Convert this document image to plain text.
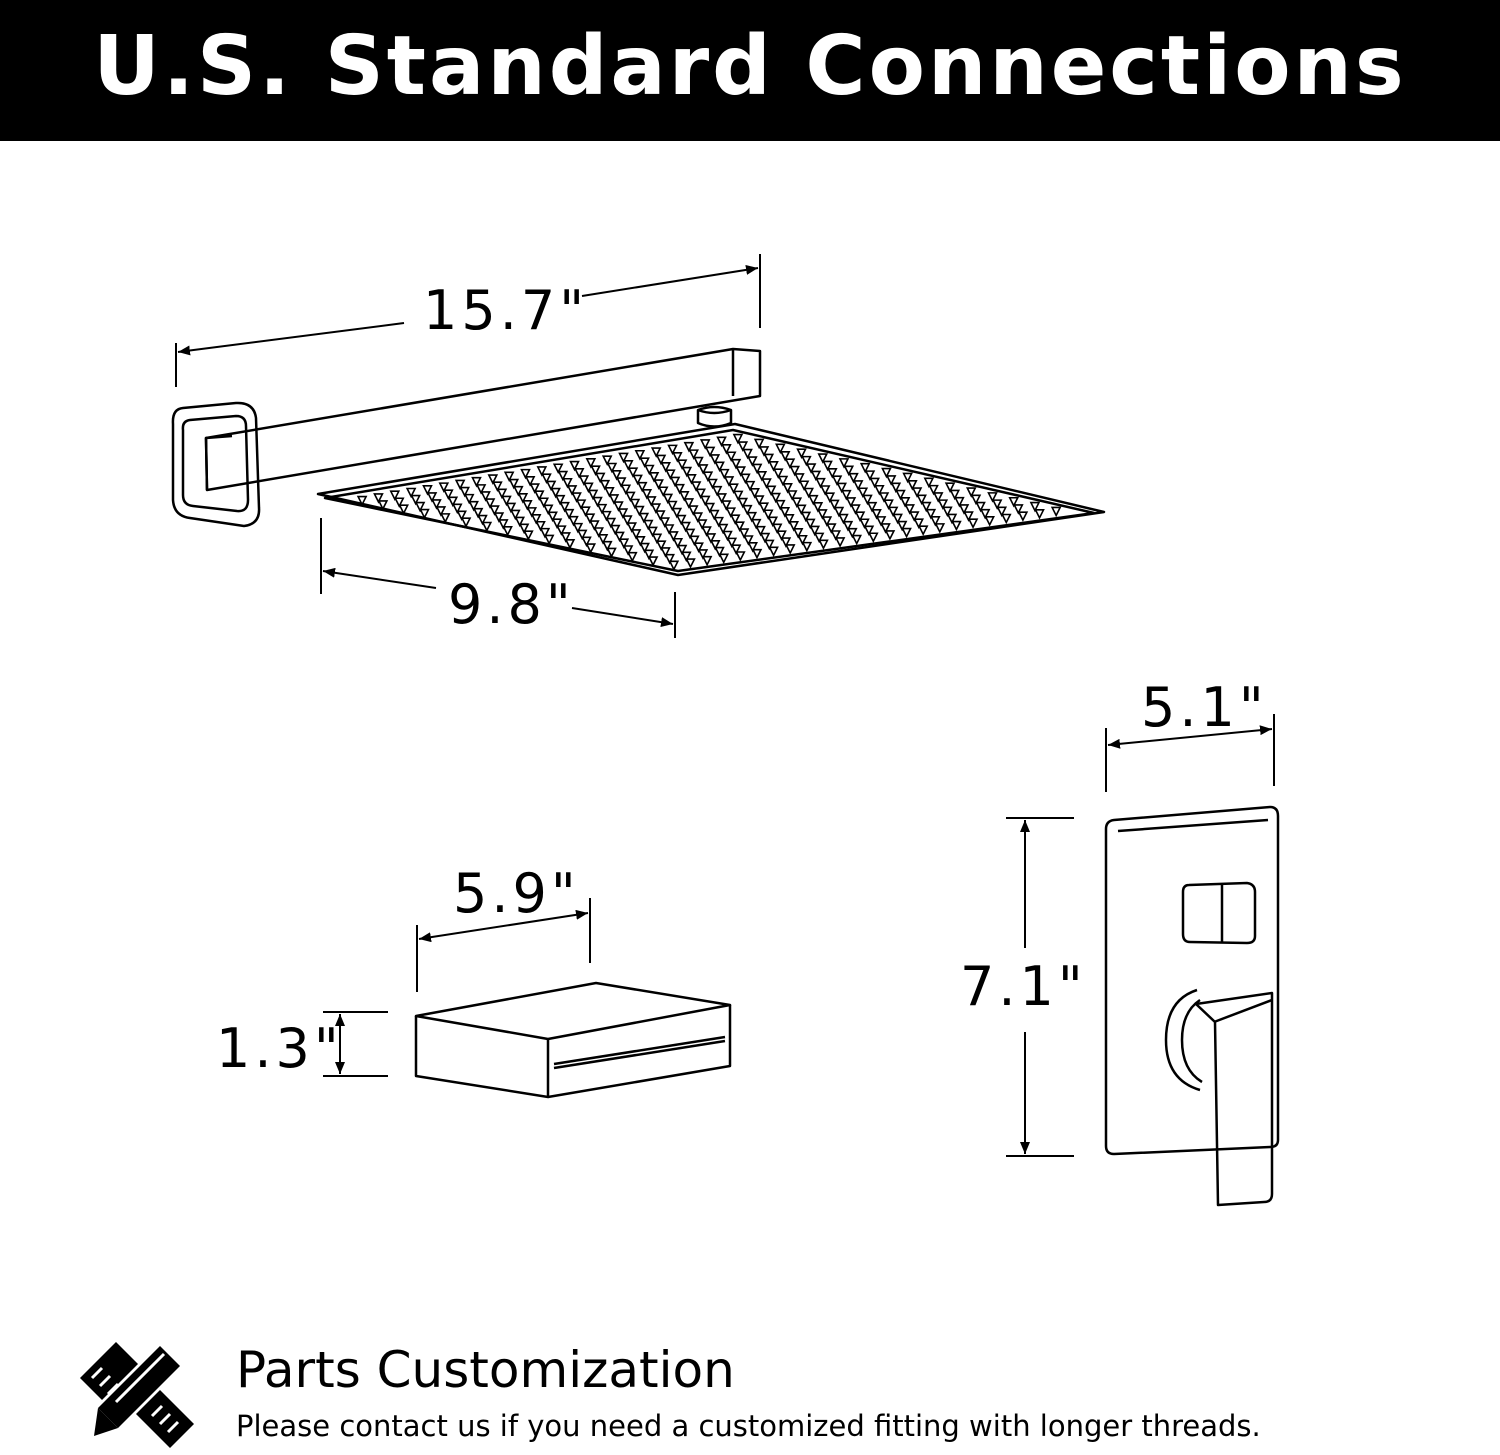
U.S. Standard Connections
15.7"
9.8"
5.9"
1.3"
5.1"
7.1"
Parts Customization
Please contact us if you need a customized fitting with longer threads.
